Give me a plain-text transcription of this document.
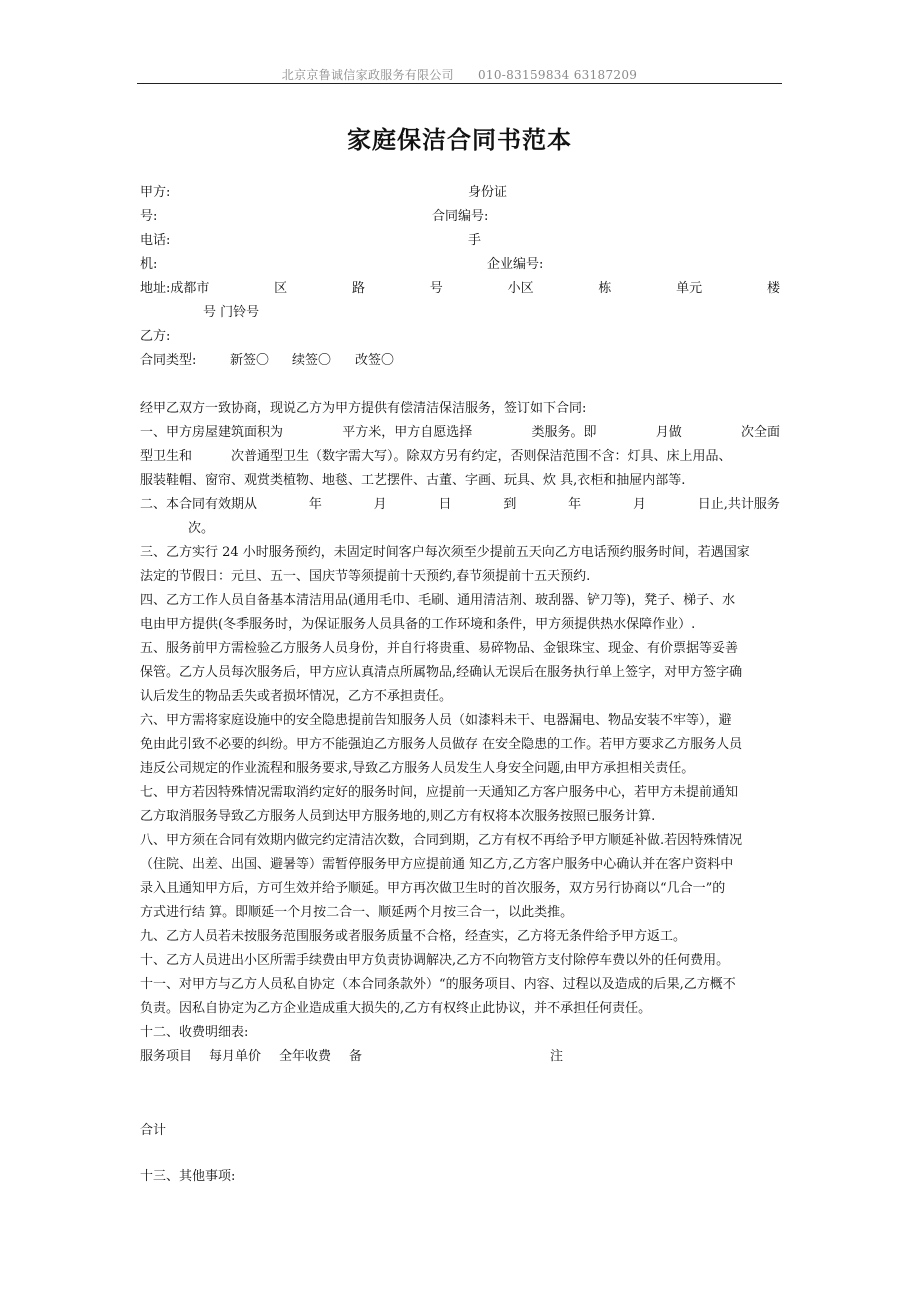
北京京鲁诚信家政服务有限公司 010-83159834 63187209
家庭保洁合同书范本
甲方:	身份证
号:	合同编号:
电话:	手
机:	企业编号:
地址:成都市	区	路	号	小区	栋	单元	楼
号 门铃号
乙方:
合同类型:	新签〇 续签〇 改签〇
经甲乙双方一致协商，现说乙方为甲方提供有偿清洁保洁服务，签订如下合同:
一、甲方房屋建筑面积为	平方米，甲方自愿选择	类服务。即	月做	次全面
型卫生和　　　次普通型卫生（数字需大写）。除双方另有约定，否则保洁范围不含：灯具、床上用品、
服装鞋帽、窗帘、观赏类植物、地毯、工艺摆件、古董、字画、玩具、炊 具,衣柜和抽屉内部等.
二、本合同有效期从	年	月	日	到	年	月	日止,共计服务
次。
三、乙方实行 24 小时服务预约，未固定时间客户每次须至少提前五天向乙方电话预约服务时间，若遇国家
法定的节假日：元旦、五一、国庆节等须提前十天预约,春节须提前十五天预约.
四、乙方工作人员自备基本清洁用品(通用毛巾、毛刷、通用清洁剂、玻刮器、铲刀等)，凳子、梯子、水
电由甲方提供(冬季服务时，为保证服务人员具备的工作环境和条件，甲方须提供热水保障作业）.
五、服务前甲方需检验乙方服务人员身份，并自行将贵重、易碎物品、金银珠宝、现金、有价票据等妥善
保管。乙方人员每次服务后，甲方应认真清点所属物品,经确认无误后在服务执行单上签字，对甲方签字确
认后发生的物品丢失或者损坏情况，乙方不承担责任。
六、甲方需将家庭设施中的安全隐患提前告知服务人员（如漆料未干、电器漏电、物品安装不牢等），避
免由此引致不必要的纠纷。甲方不能强迫乙方服务人员做存 在安全隐患的工作。若甲方要求乙方服务人员
违反公司规定的作业流程和服务要求,导致乙方服务人员发生人身安全问题,由甲方承担相关责任。
七、甲方若因特殊情况需取消约定好的服务时间，应提前一天通知乙方客户服务中心，若甲方未提前通知
乙方取消服务导致乙方服务人员到达甲方服务地的,则乙方有权将本次服务按照已服务计算.
八、甲方须在合同有效期内做完约定清洁次数，合同到期，乙方有权不再给予甲方顺延补做.若因特殊情况
（住院、出差、出国、避暑等）需暂停服务甲方应提前通 知乙方,乙方客户服务中心确认并在客户资料中
录入且通知甲方后，方可生效并给予顺延。甲方再次做卫生时的首次服务，双方另行协商以“几合一”的
方式进行结 算。即顺延一个月按二合一、顺延两个月按三合一，以此类推。
九、乙方人员若未按服务范围服务或者服务质量不合格，经查实，乙方将无条件给予甲方返工。
十、乙方人员进出小区所需手续费由甲方负责协调解决,乙方不向物管方支付除停车费以外的任何费用。
十一、对甲方与乙方人员私自协定（本合同条款外）“的服务项目、内容、过程以及造成的后果,乙方概不
负责。因私自协定为乙方企业造成重大损失的,乙方有权终止此协议，并不承担任何责任。
十二、收费明细表:
服务项目 每月单价 全年收费 备	注
合计
十三、其他事项:
